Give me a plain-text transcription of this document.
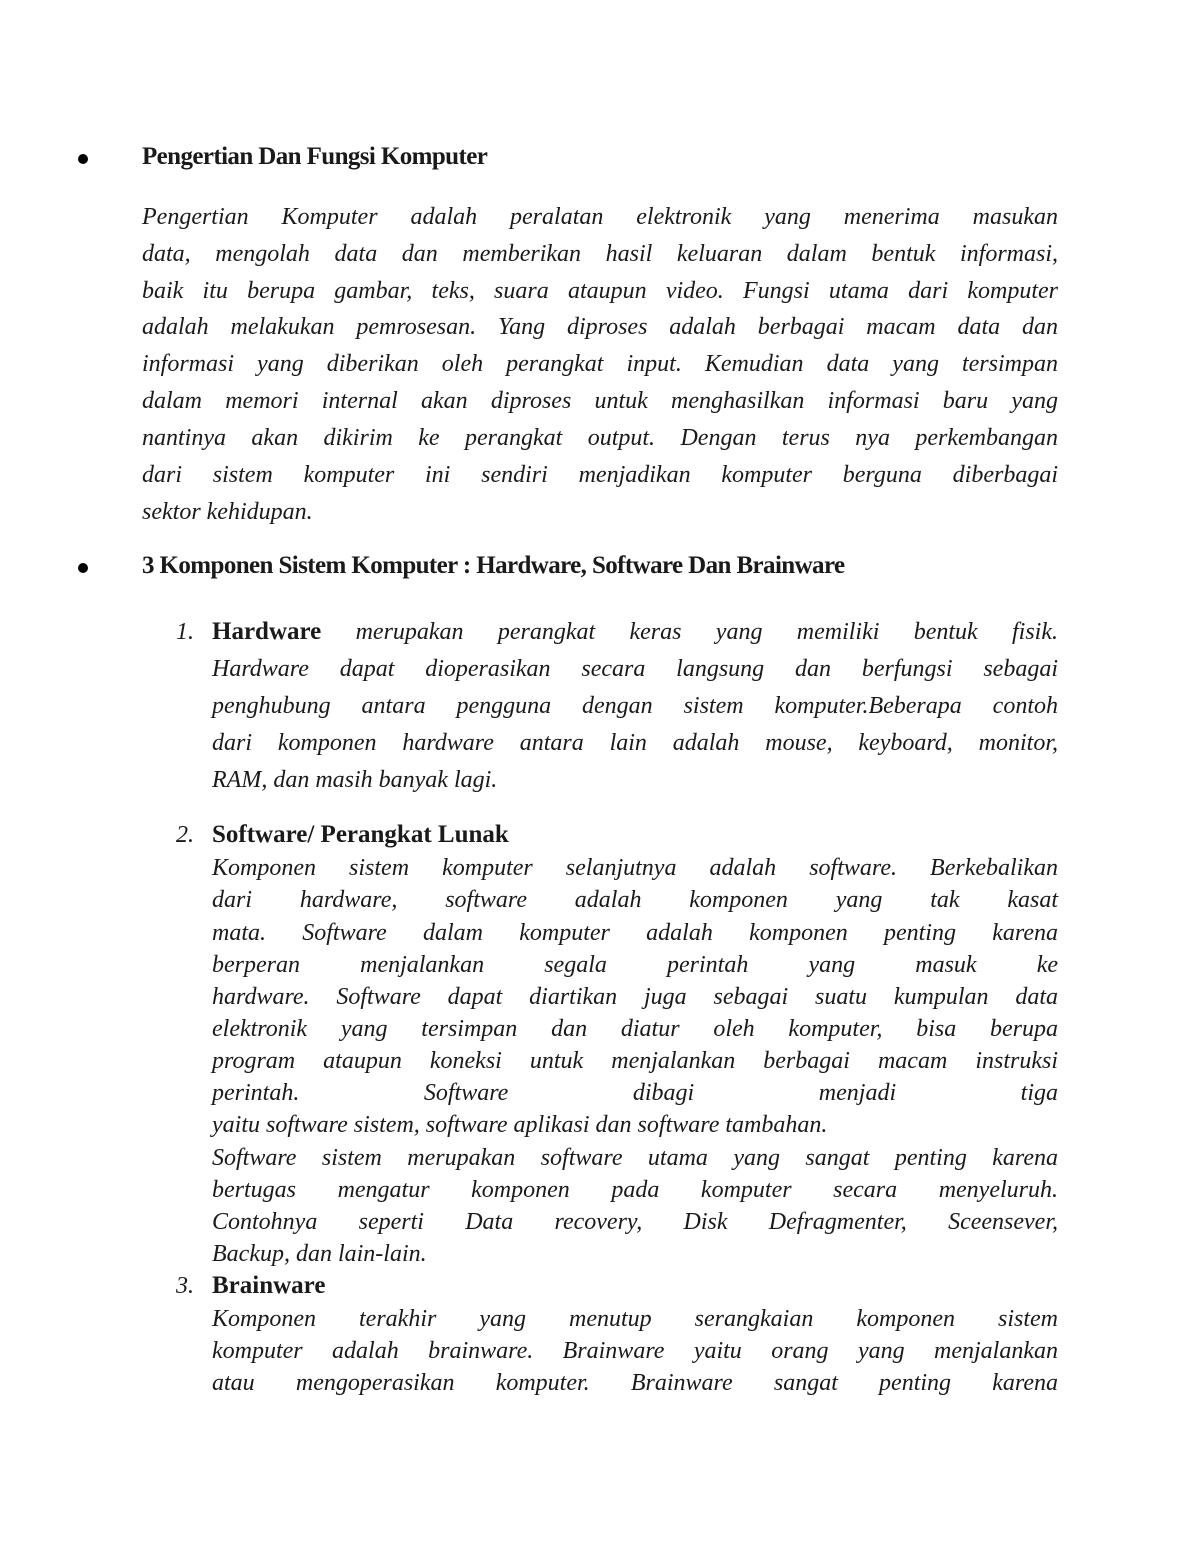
Pengertian Dan Fungsi Komputer
Pengertian Komputer adalah peralatan elektronik yang menerima masukan
data, mengolah data dan memberikan hasil keluaran dalam bentuk informasi,
baik itu berupa gambar, teks, suara ataupun video. Fungsi utama dari komputer
adalah melakukan pemrosesan. Yang diproses adalah berbagai macam data dan
informasi yang diberikan oleh perangkat input. Kemudian data yang tersimpan
dalam memori internal akan diproses untuk menghasilkan informasi baru yang
nantinya akan dikirim ke perangkat output. Dengan terus nya perkembangan
dari sistem komputer ini sendiri menjadikan komputer berguna diberbagai
sektor kehidupan.
3 Komponen Sistem Komputer : Hardware, Software Dan Brainware
1. Hardware merupakan perangkat keras yang memiliki bentuk fisik.
Hardware dapat dioperasikan secara langsung dan berfungsi sebagai
penghubung antara pengguna dengan sistem komputer.Beberapa contoh
dari komponen hardware antara lain adalah mouse, keyboard, monitor,
RAM, dan masih banyak lagi.
2. Software/ Perangkat Lunak
Komponen sistem komputer selanjutnya adalah software. Berkebalikan
dari hardware, software adalah komponen yang tak kasat
mata. Software dalam komputer adalah komponen penting karena
berperan menjalankan segala perintah yang masuk ke
hardware. Software dapat diartikan juga sebagai suatu kumpulan data
elektronik yang tersimpan dan diatur oleh komputer, bisa berupa
program ataupun koneksi untuk menjalankan berbagai macam instruksi
perintah. Software dibagi menjadi tiga
yaitu software sistem, software aplikasi dan software tambahan.
Software sistem merupakan software utama yang sangat penting karena
bertugas mengatur komponen pada komputer secara menyeluruh.
Contohnya seperti Data recovery, Disk Defragmenter, Sceensever,
Backup, dan lain-lain.
3. Brainware
Komponen terakhir yang menutup serangkaian komponen sistem
komputer adalah brainware. Brainware yaitu orang yang menjalankan
atau mengoperasikan komputer. Brainware sangat penting karena
